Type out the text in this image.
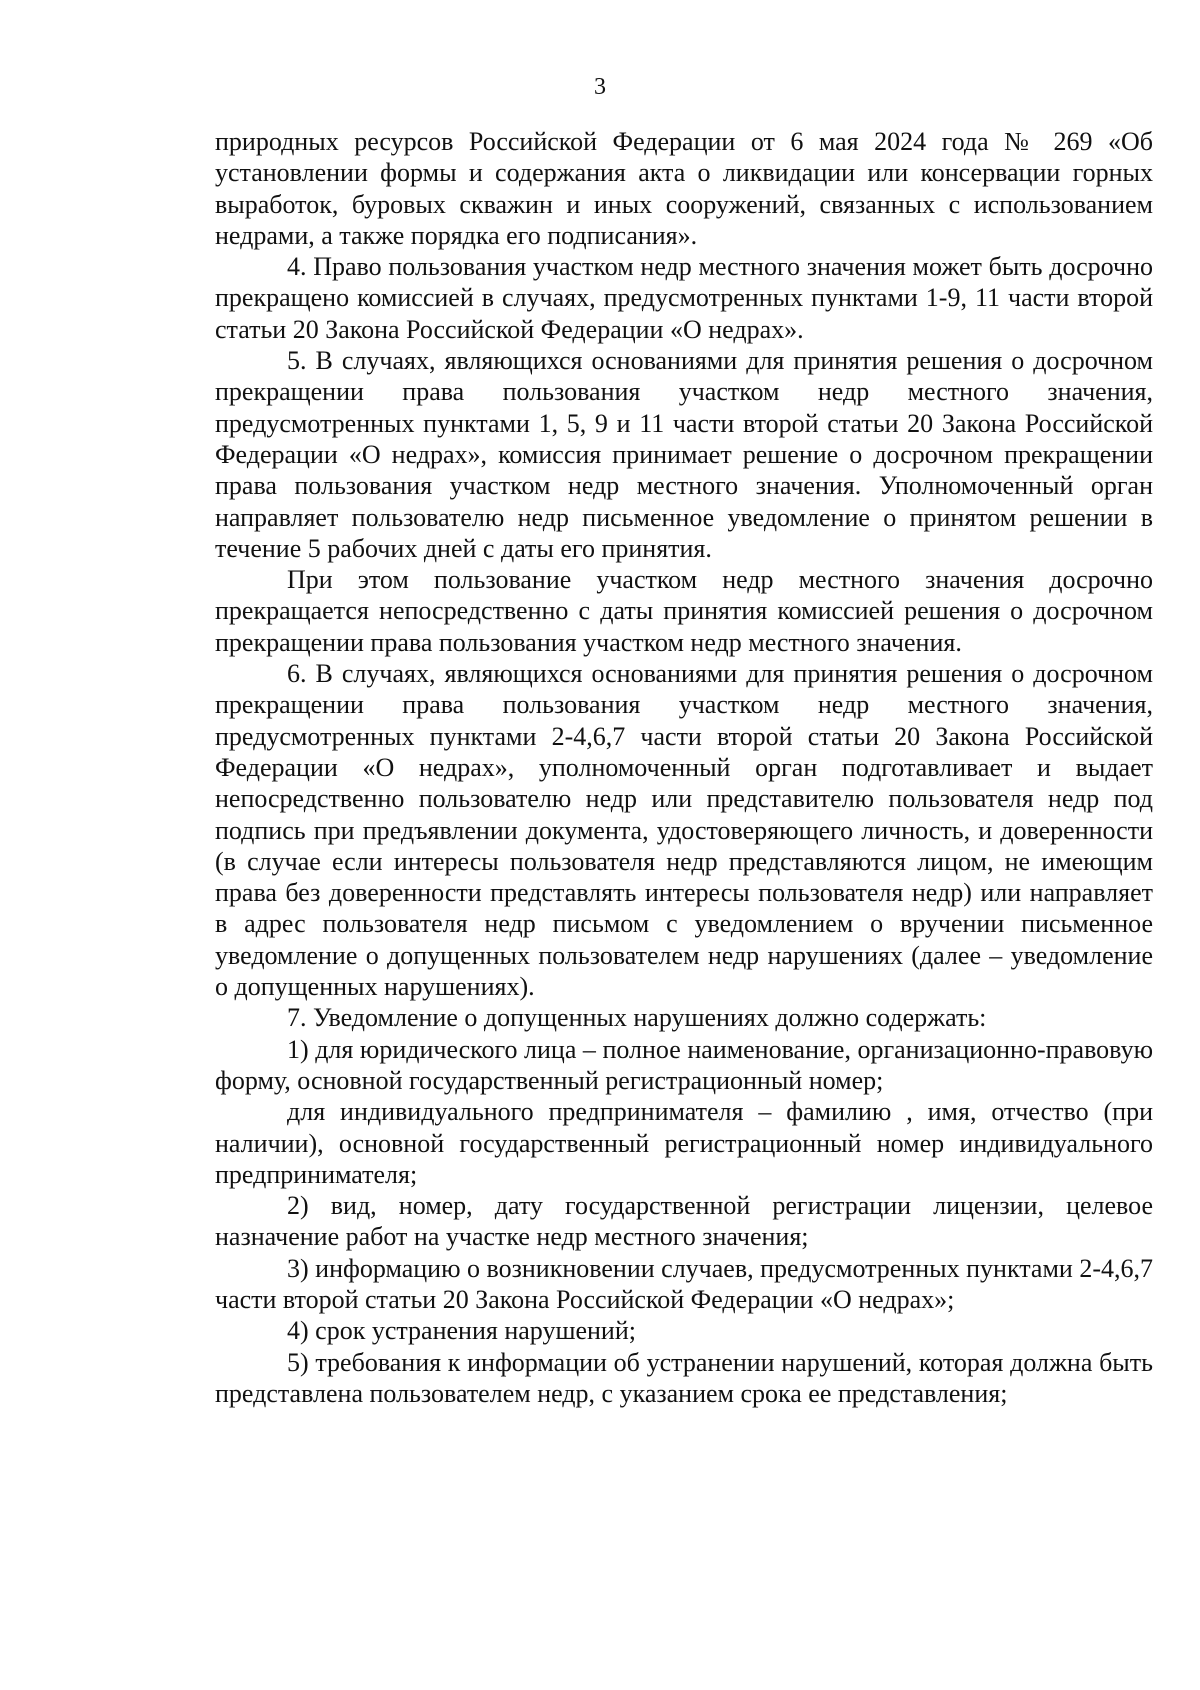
3

природных ресурсов Российской Федерации от 6 мая 2024 года № 269 «Об установлении формы и содержания акта о ликвидации или консервации горных выработок, буровых скважин и иных сооружений, связанных с использованием недрами, а также порядка его подписания».

4. Право пользования участком недр местного значения может быть досрочно прекращено комиссией в случаях, предусмотренных пунктами 1-9, 11 части второй статьи 20 Закона Российской Федерации «О недрах».

5. В случаях, являющихся основаниями для принятия решения о досрочном прекращении права пользования участком недр местного значения, предусмотренных пунктами 1, 5, 9 и 11 части второй статьи 20 Закона Российской Федерации «О недрах», комиссия принимает решение о досрочном прекращении права пользования участком недр местного значения. Уполномоченный орган направляет пользователю недр письменное уведомление о принятом решении в течение 5 рабочих дней с даты его принятия.

При этом пользование участком недр местного значения досрочно прекращается непосредственно с даты принятия комиссией решения о досрочном прекращении права пользования участком недр местного значения.

6. В случаях, являющихся основаниями для принятия решения о досрочном прекращении права пользования участком недр местного значения, предусмотренных пунктами 2-4,6,7 части второй статьи 20 Закона Российской Федерации «О недрах», уполномоченный орган подготавливает и выдает непосредственно пользователю недр или представителю пользователя недр под подпись при предъявлении документа, удостоверяющего личность, и доверенности (в случае если интересы пользователя недр представляются лицом, не имеющим права без доверенности представлять интересы пользователя недр) или направляет в адрес пользователя недр письмом с уведомлением о вручении письменное уведомление о допущенных пользователем недр нарушениях (далее – уведомление о допущенных нарушениях).

7. Уведомление о допущенных нарушениях должно содержать:

1) для юридического лица – полное наименование, организационно-правовую форму, основной государственный регистрационный номер;

для индивидуального предпринимателя – фамилию , имя, отчество (при наличии), основной государственный регистрационный номер индивидуального предпринимателя;

2) вид, номер, дату государственной регистрации лицензии, целевое назначение работ на участке недр местного значения;

3) информацию о возникновении случаев, предусмотренных пунктами 2-4,6,7 части второй статьи 20 Закона Российской Федерации «О недрах»;

4) срок устранения нарушений;

5) требования к информации об устранении нарушений, которая должна быть представлена пользователем недр, с указанием срока ее представления;
